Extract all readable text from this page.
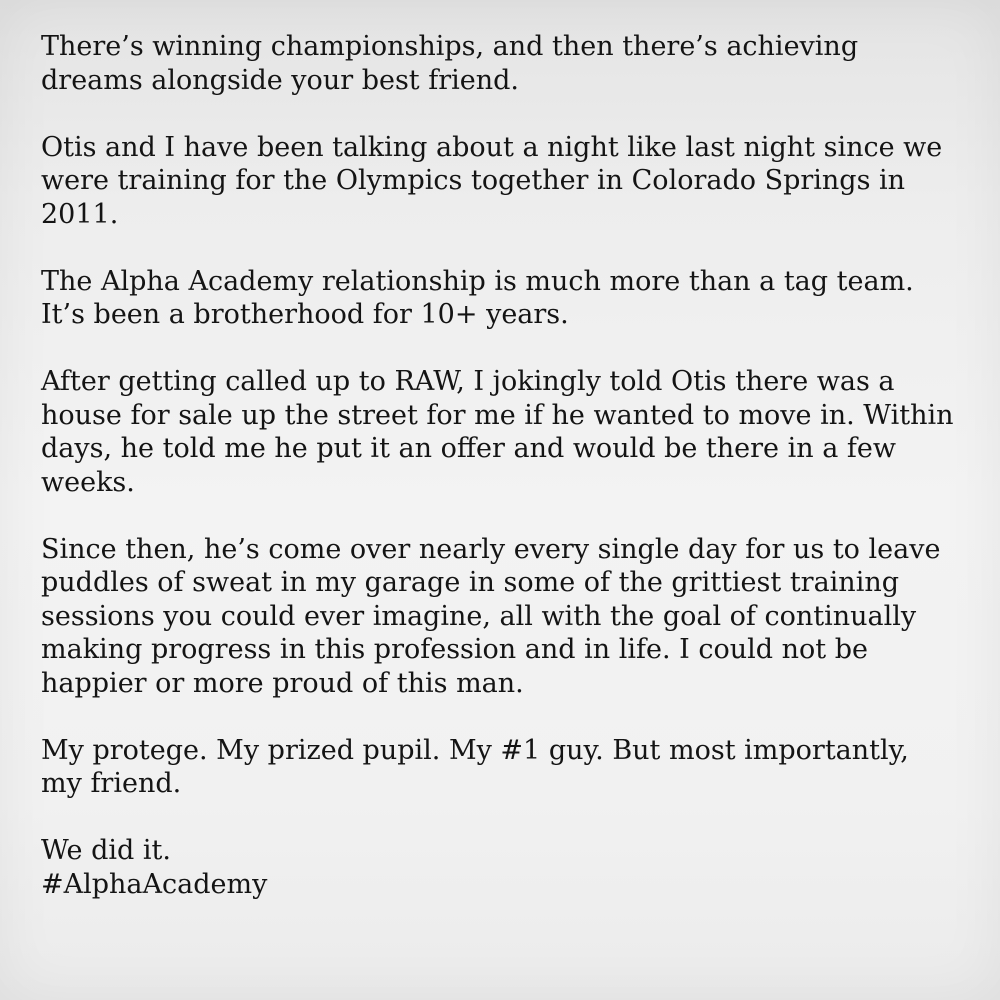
There’s winning championships, and then there’s achieving
dreams alongside your best friend.

Otis and I have been talking about a night like last night since we
were training for the Olympics together in Colorado Springs in
2011.

The Alpha Academy relationship is much more than a tag team.
It’s been a brotherhood for 10+ years.

After getting called up to RAW, I jokingly told Otis there was a
house for sale up the street for me if he wanted to move in. Within
days, he told me he put it an offer and would be there in a few
weeks.

Since then, he’s come over nearly every single day for us to leave
puddles of sweat in my garage in some of the grittiest training
sessions you could ever imagine, all with the goal of continually
making progress in this profession and in life. I could not be
happier or more proud of this man.

My protege. My prized pupil. My #1 guy. But most importantly,
my friend.

We did it.

#AlphaAcademy
